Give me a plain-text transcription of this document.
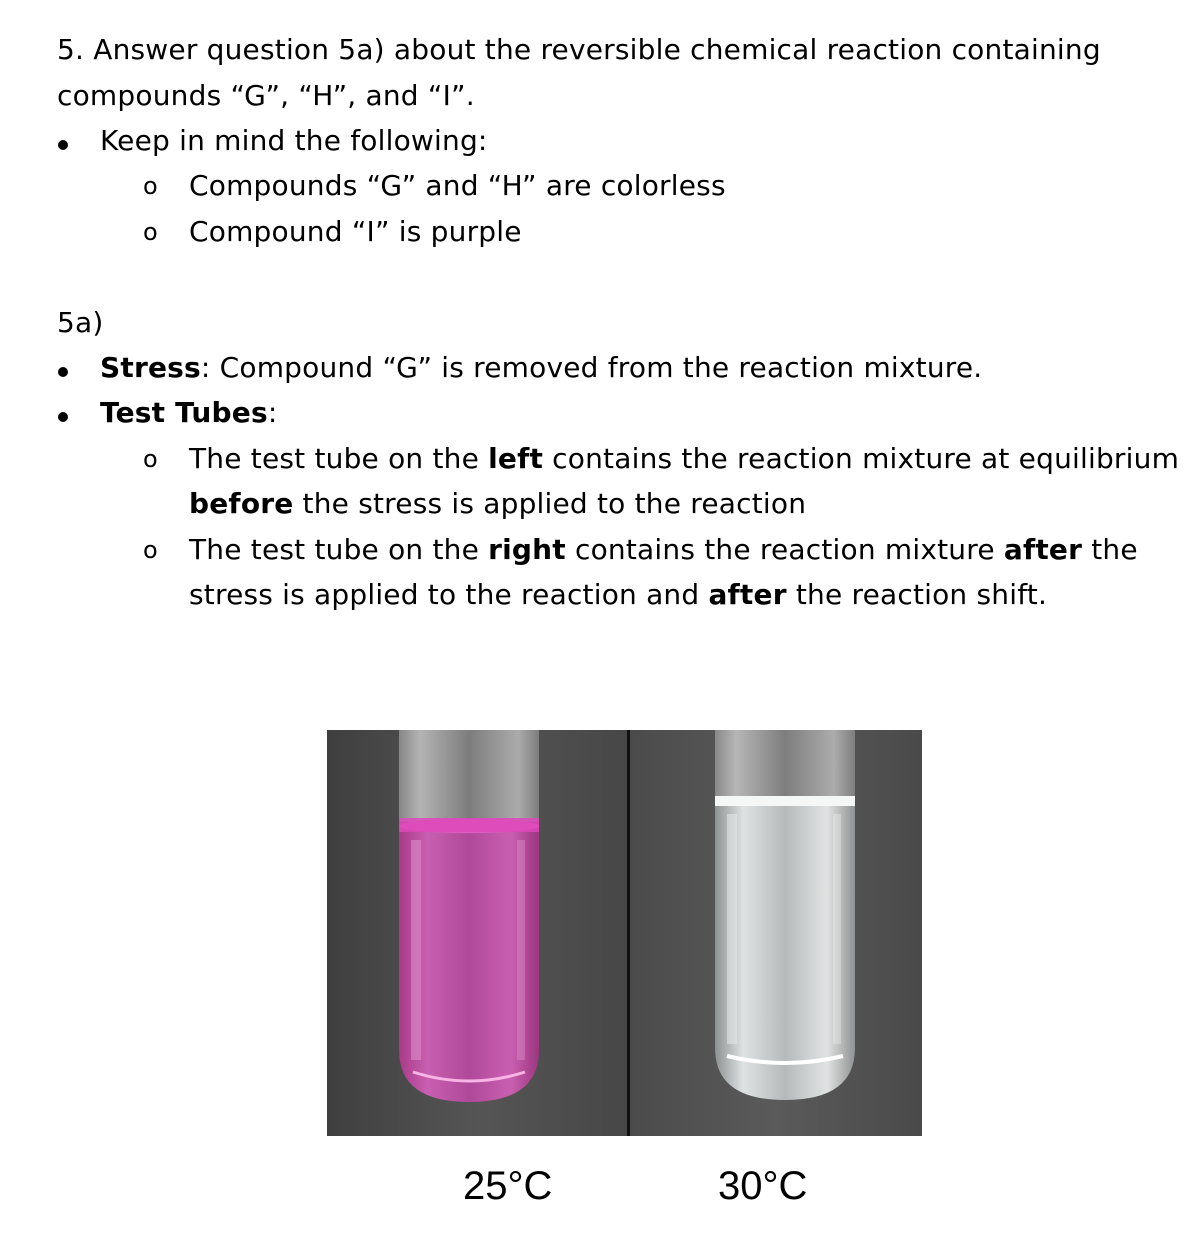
5. Answer question 5a) about the reversible chemical reaction containing
compounds “G”, “H”, and “I”.
Keep in mind the following:
o Compounds “G” and “H” are colorless
o Compound “I” is purple
5a)
Stress: Compound “G” is removed from the reaction mixture.
Test Tubes:
o The test tube on the left contains the reaction mixture at equilibrium
before the stress is applied to the reaction
o The test tube on the right contains the reaction mixture after the
stress is applied to the reaction and after the reaction shift.
25°C	30°C
